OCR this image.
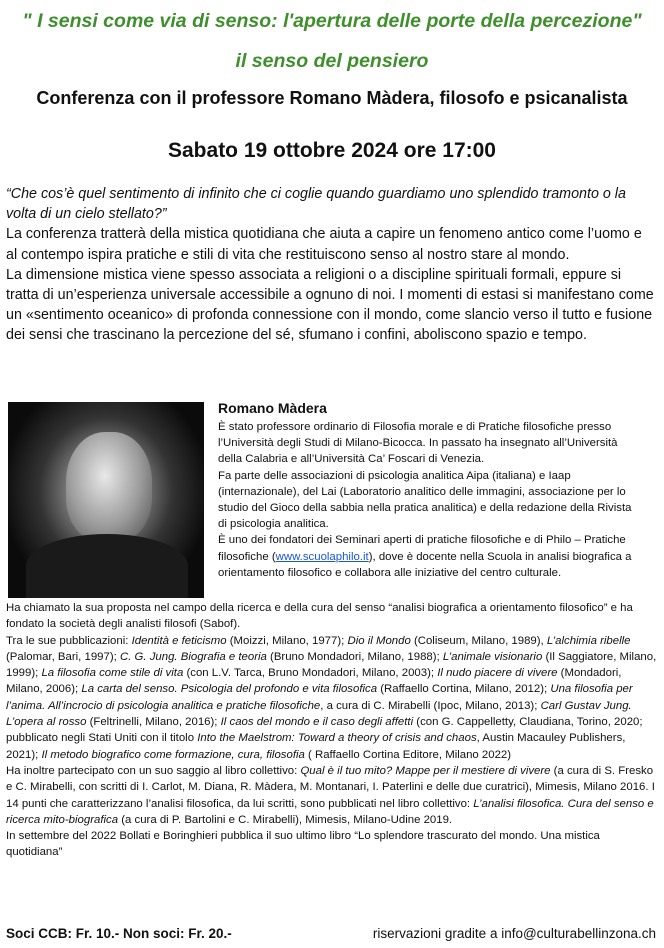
" I sensi come via di senso: l'apertura delle porte della percezione"

il senso del pensiero

Conferenza con il professore Romano Màdera, filosofo e psicanalista

Sabato 19 ottobre 2024 ore 17:00

“Che cos’è quel sentimento di infinito che ci coglie quando guardiamo uno splendido tramonto o la volta di un cielo stellato?”

La conferenza tratterà della mistica quotidiana che aiuta a capire un fenomeno antico come l’uomo e al contempo ispira pratiche e stili di vita che restituiscono senso al nostro stare al mondo.

La dimensione mistica viene spesso associata a religioni o a discipline spirituali formali, eppure si tratta di un’esperienza universale accessibile a ognuno di noi. I momenti di estasi si manifestano come un «sentimento oceanico» di profonda connessione con il mondo, come slancio verso il tutto e fusione dei sensi che trascinano la percezione del sé, sfumano i confini, aboliscono spazio e tempo.

Romano Màdera

È stato professore ordinario di Filosofia morale e di Pratiche filosofiche presso l’Università degli Studi di Milano-Bicocca. In passato ha insegnato all’Università della Calabria e all’Università Ca’ Foscari di Venezia.

Fa parte delle associazioni di psicologia analitica Aipa (italiana) e Iaap (internazionale), del Lai (Laboratorio analitico delle immagini, associazione per lo studio del Gioco della sabbia nella pratica analitica) e della redazione della Rivista di psicologia analitica.

È uno dei fondatori dei Seminari aperti di pratiche filosofiche e di Philo – Pratiche filosofiche (www.scuolaphilo.it), dove è docente nella Scuola in analisi biografica a orientamento filosofico e collabora alle iniziative del centro culturale.

Ha chiamato la sua proposta nel campo della ricerca e della cura del senso “analisi biografica a orientamento filosofico” e ha fondato la società degli analisti filosofi (Sabof).

Tra le sue pubblicazioni: Identità e feticismo (Moizzi, Milano, 1977); Dio il Mondo (Coliseum, Milano, 1989), L’alchimia ribelle (Palomar, Bari, 1997); C. G. Jung. Biografia e teoria (Bruno Mondadori, Milano, 1988); L’animale visionario (Il Saggiatore, Milano, 1999); La filosofia come stile di vita (con L.V. Tarca, Bruno Mondadori, Milano, 2003); Il nudo piacere di vivere (Mondadori, Milano, 2006); La carta del senso. Psicologia del profondo e vita filosofica (Raffaello Cortina, Milano, 2012); Una filosofia per l’anima. All’incrocio di psicologia analitica e pratiche filosofiche, a cura di C. Mirabelli (Ipoc, Milano, 2013); Carl Gustav Jung. L’opera al rosso (Feltrinelli, Milano, 2016); Il caos del mondo e il caso degli affetti (con G. Cappelletty, Claudiana, Torino, 2020; pubblicato negli Stati Uniti con il titolo Into the Maelstrom: Toward a theory of crisis and chaos, Austin Macauley Publishers, 2021); Il metodo biografico come formazione, cura, filosofia ( Raffaello Cortina Editore, Milano 2022)

Ha inoltre partecipato con un suo saggio al libro collettivo: Qual è il tuo mito? Mappe per il mestiere di vivere (a cura di S. Fresko e C. Mirabelli, con scritti di I. Carlot, M. Diana, R. Màdera, M. Montanari, I. Paterlini e delle due curatrici), Mimesis, Milano 2016. I 14 punti che caratterizzano l’analisi filosofica, da lui scritti, sono pubblicati nel libro collettivo: L’analisi filosofica. Cura del senso e ricerca mito-biografica (a cura di P. Bartolini e C. Mirabelli), Mimesis, Milano-Udine 2019.

In settembre del 2022 Bollati e Boringhieri pubblica il suo ultimo libro “Lo splendore trascurato del mondo. Una mistica quotidiana”

Soci CCB: Fr. 10.- Non soci: Fr. 20.-	riservazioni gradite a info@culturabellinzona.ch
